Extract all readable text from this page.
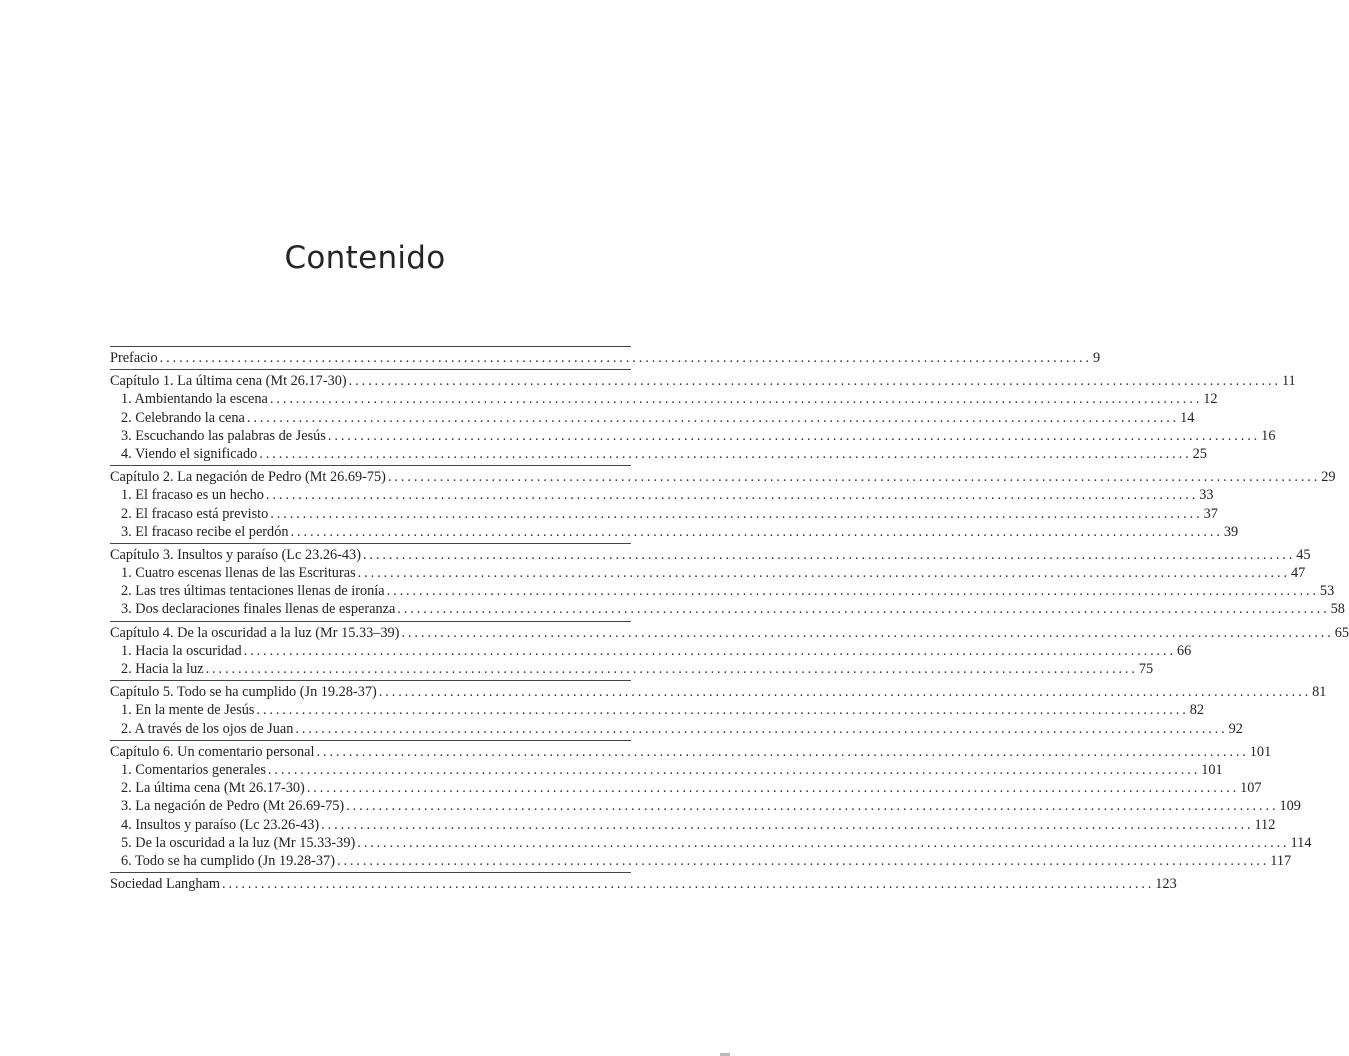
Contenido
Prefacio ................................................................................................................................................ 9
Capítulo 1. La última cena (Mt 26.17-30) ................................................................................................................................................ 11
1. Ambientando la escena ................................................................................................................................................ 12
2. Celebrando la cena ................................................................................................................................................ 14
3. Escuchando las palabras de Jesús ................................................................................................................................................ 16
4. Viendo el significado ................................................................................................................................................ 25
Capítulo 2. La negación de Pedro (Mt 26.69-75) ................................................................................................................................................ 29
1. El fracaso es un hecho ................................................................................................................................................ 33
2. El fracaso está previsto ................................................................................................................................................ 37
3. El fracaso recibe el perdón ................................................................................................................................................ 39
Capítulo 3. Insultos y paraíso (Lc 23.26-43) ................................................................................................................................................ 45
1. Cuatro escenas llenas de las Escrituras ................................................................................................................................................ 47
2. Las tres últimas tentaciones llenas de ironía ................................................................................................................................................ 53
3. Dos declaraciones finales llenas de esperanza ................................................................................................................................................ 58
Capítulo 4. De la oscuridad a la luz (Mr 15.33–39) ................................................................................................................................................ 65
1. Hacia la oscuridad ................................................................................................................................................ 66
2. Hacia la luz ................................................................................................................................................ 75
Capítulo 5. Todo se ha cumplido (Jn 19.28-37) ................................................................................................................................................ 81
1. En la mente de Jesús ................................................................................................................................................ 82
2. A través de los ojos de Juan ................................................................................................................................................ 92
Capítulo 6. Un comentario personal ................................................................................................................................................ 101
1. Comentarios generales ................................................................................................................................................ 101
2. La última cena (Mt 26.17-30) ................................................................................................................................................ 107
3. La negación de Pedro (Mt 26.69-75) ................................................................................................................................................ 109
4. Insultos y paraíso (Lc 23.26-43) ................................................................................................................................................ 112
5. De la oscuridad a la luz (Mr 15.33-39) ................................................................................................................................................ 114
6. Todo se ha cumplido (Jn 19.28-37) ................................................................................................................................................ 117
Sociedad Langham ................................................................................................................................................ 123
